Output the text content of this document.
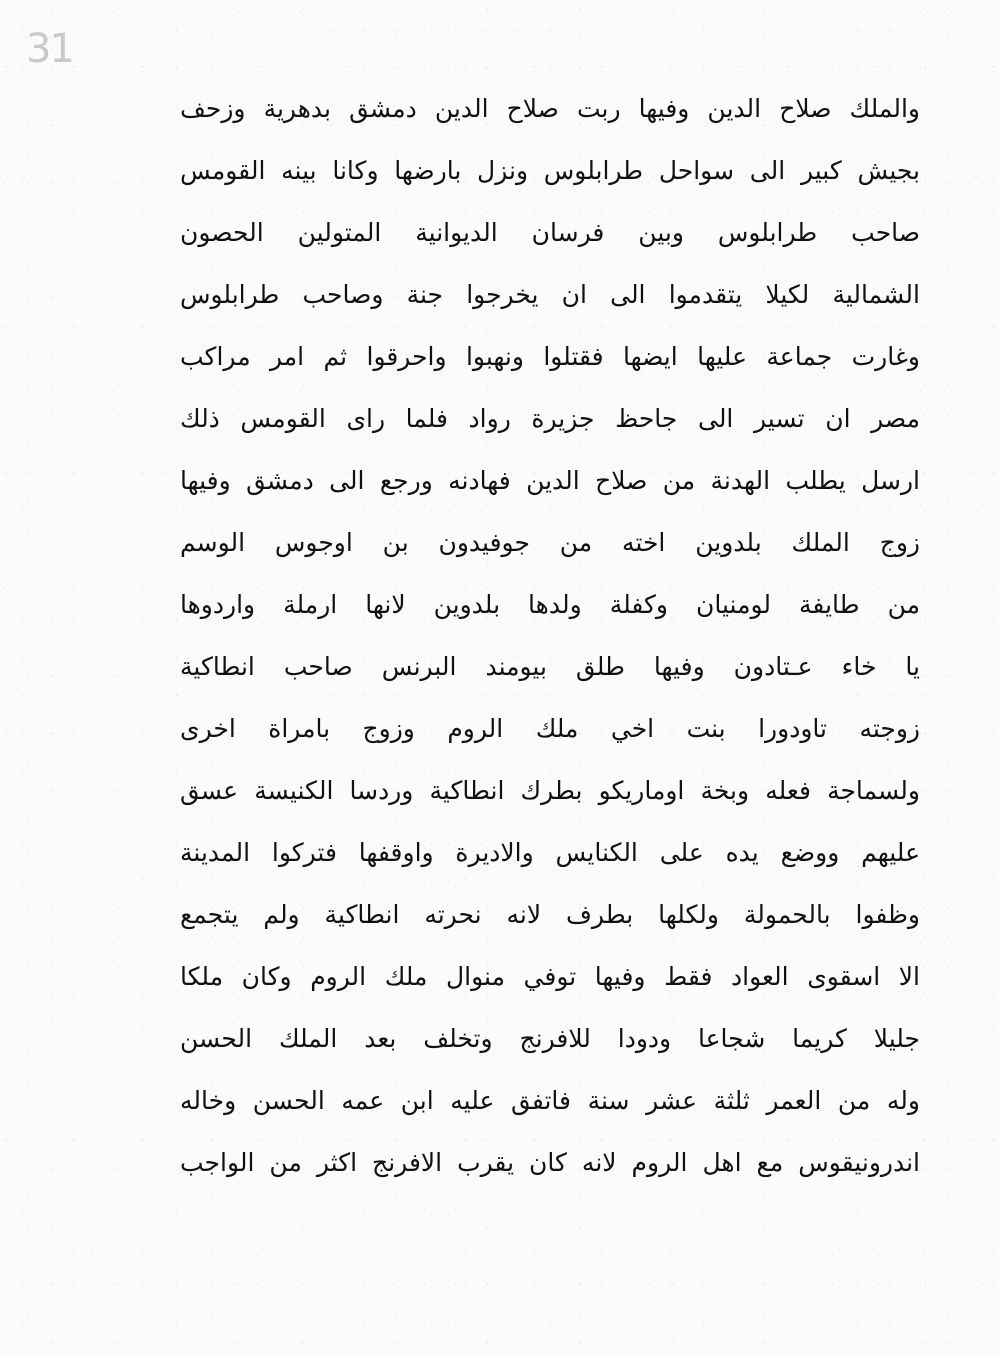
31
والملك صلاح الدين وفيها ربت صلاح الدين دمشق بدهرية وزحف
بجيش كبير الى سواحل طرابلوس ونزل بارضها وكانا بينه القومس
صاحب طرابلوس وبين فرسان الديوانية المتولين الحصون
الشمالية لكيلا يتقدموا الى ان يخرجوا جنة وصاحب طرابلوس
وغارت جماعة عليها ايضها فقتلوا ونهبوا واحرقوا ثم امر مراكب
مصر ان تسير الى جاحظ جزيرة رواد فلما راى القومس ذلك
ارسل يطلب الهدنة من صلاح الدين فهادنه ورجع الى دمشق وفيها
زوج الملك بلدوين اخته من جوفيدون بن اوجوس الوسم
من طايفة لومنيان وكفلة ولدها بلدوين لانها ارملة واردوها
يا خاء عـتادون وفيها طلق بيومند البرنس صاحب انطاكية
زوجته تاودورا بنت اخي ملك الروم وزوج بامراة اخرى
ولسماجة فعله وبخة اوماريكو بطرك انطاكية وردسا الكنيسة عسق
عليهم ووضع يده على الكنايس والاديرة واوقفها فتركوا المدينة
وظفوا بالحمولة ولكلها بطرف لانه نحرته انطاكية ولم يتجمع
الا اسقوى العواد فقط وفيها توفي منوال ملك الروم وكان ملكا
جليلا كريما شجاعا ودودا للافرنج وتخلف بعد الملك الحسن
وله من العمر ثلثة عشر سنة فاتفق عليه ابن عمه الحسن وخاله
اندرونيقوس مع اهل الروم لانه كان يقرب الافرنج اكثر من الواجب
